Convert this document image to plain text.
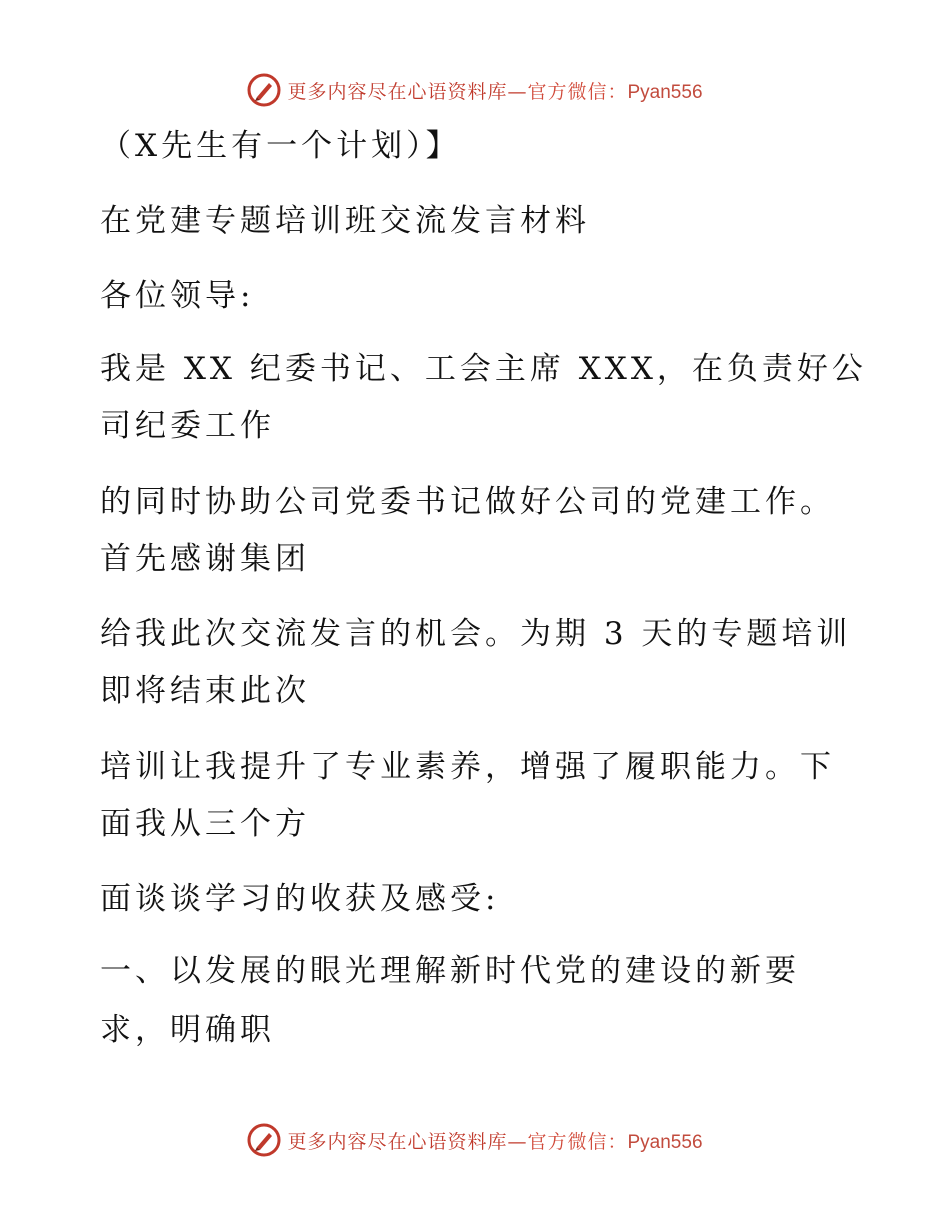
更多内容尽在心语资料库—官方微信：Pyan556
（X先生有一个计划）】
在党建专题培训班交流发言材料
各位领导:
我是 XX 纪委书记、工会主席 XXX，在负责好公
司纪委工作
的同时协助公司党委书记做好公司的党建工作。
首先感谢集团
给我此次交流发言的机会。为期 3 天的专题培训
即将结束此次
培训让我提升了专业素养，增强了履职能力。下
面我从三个方
面谈谈学习的收获及感受:
一、以发展的眼光理解新时代党的建设的新要
求，明确职
更多内容尽在心语资料库—官方微信：Pyan556
